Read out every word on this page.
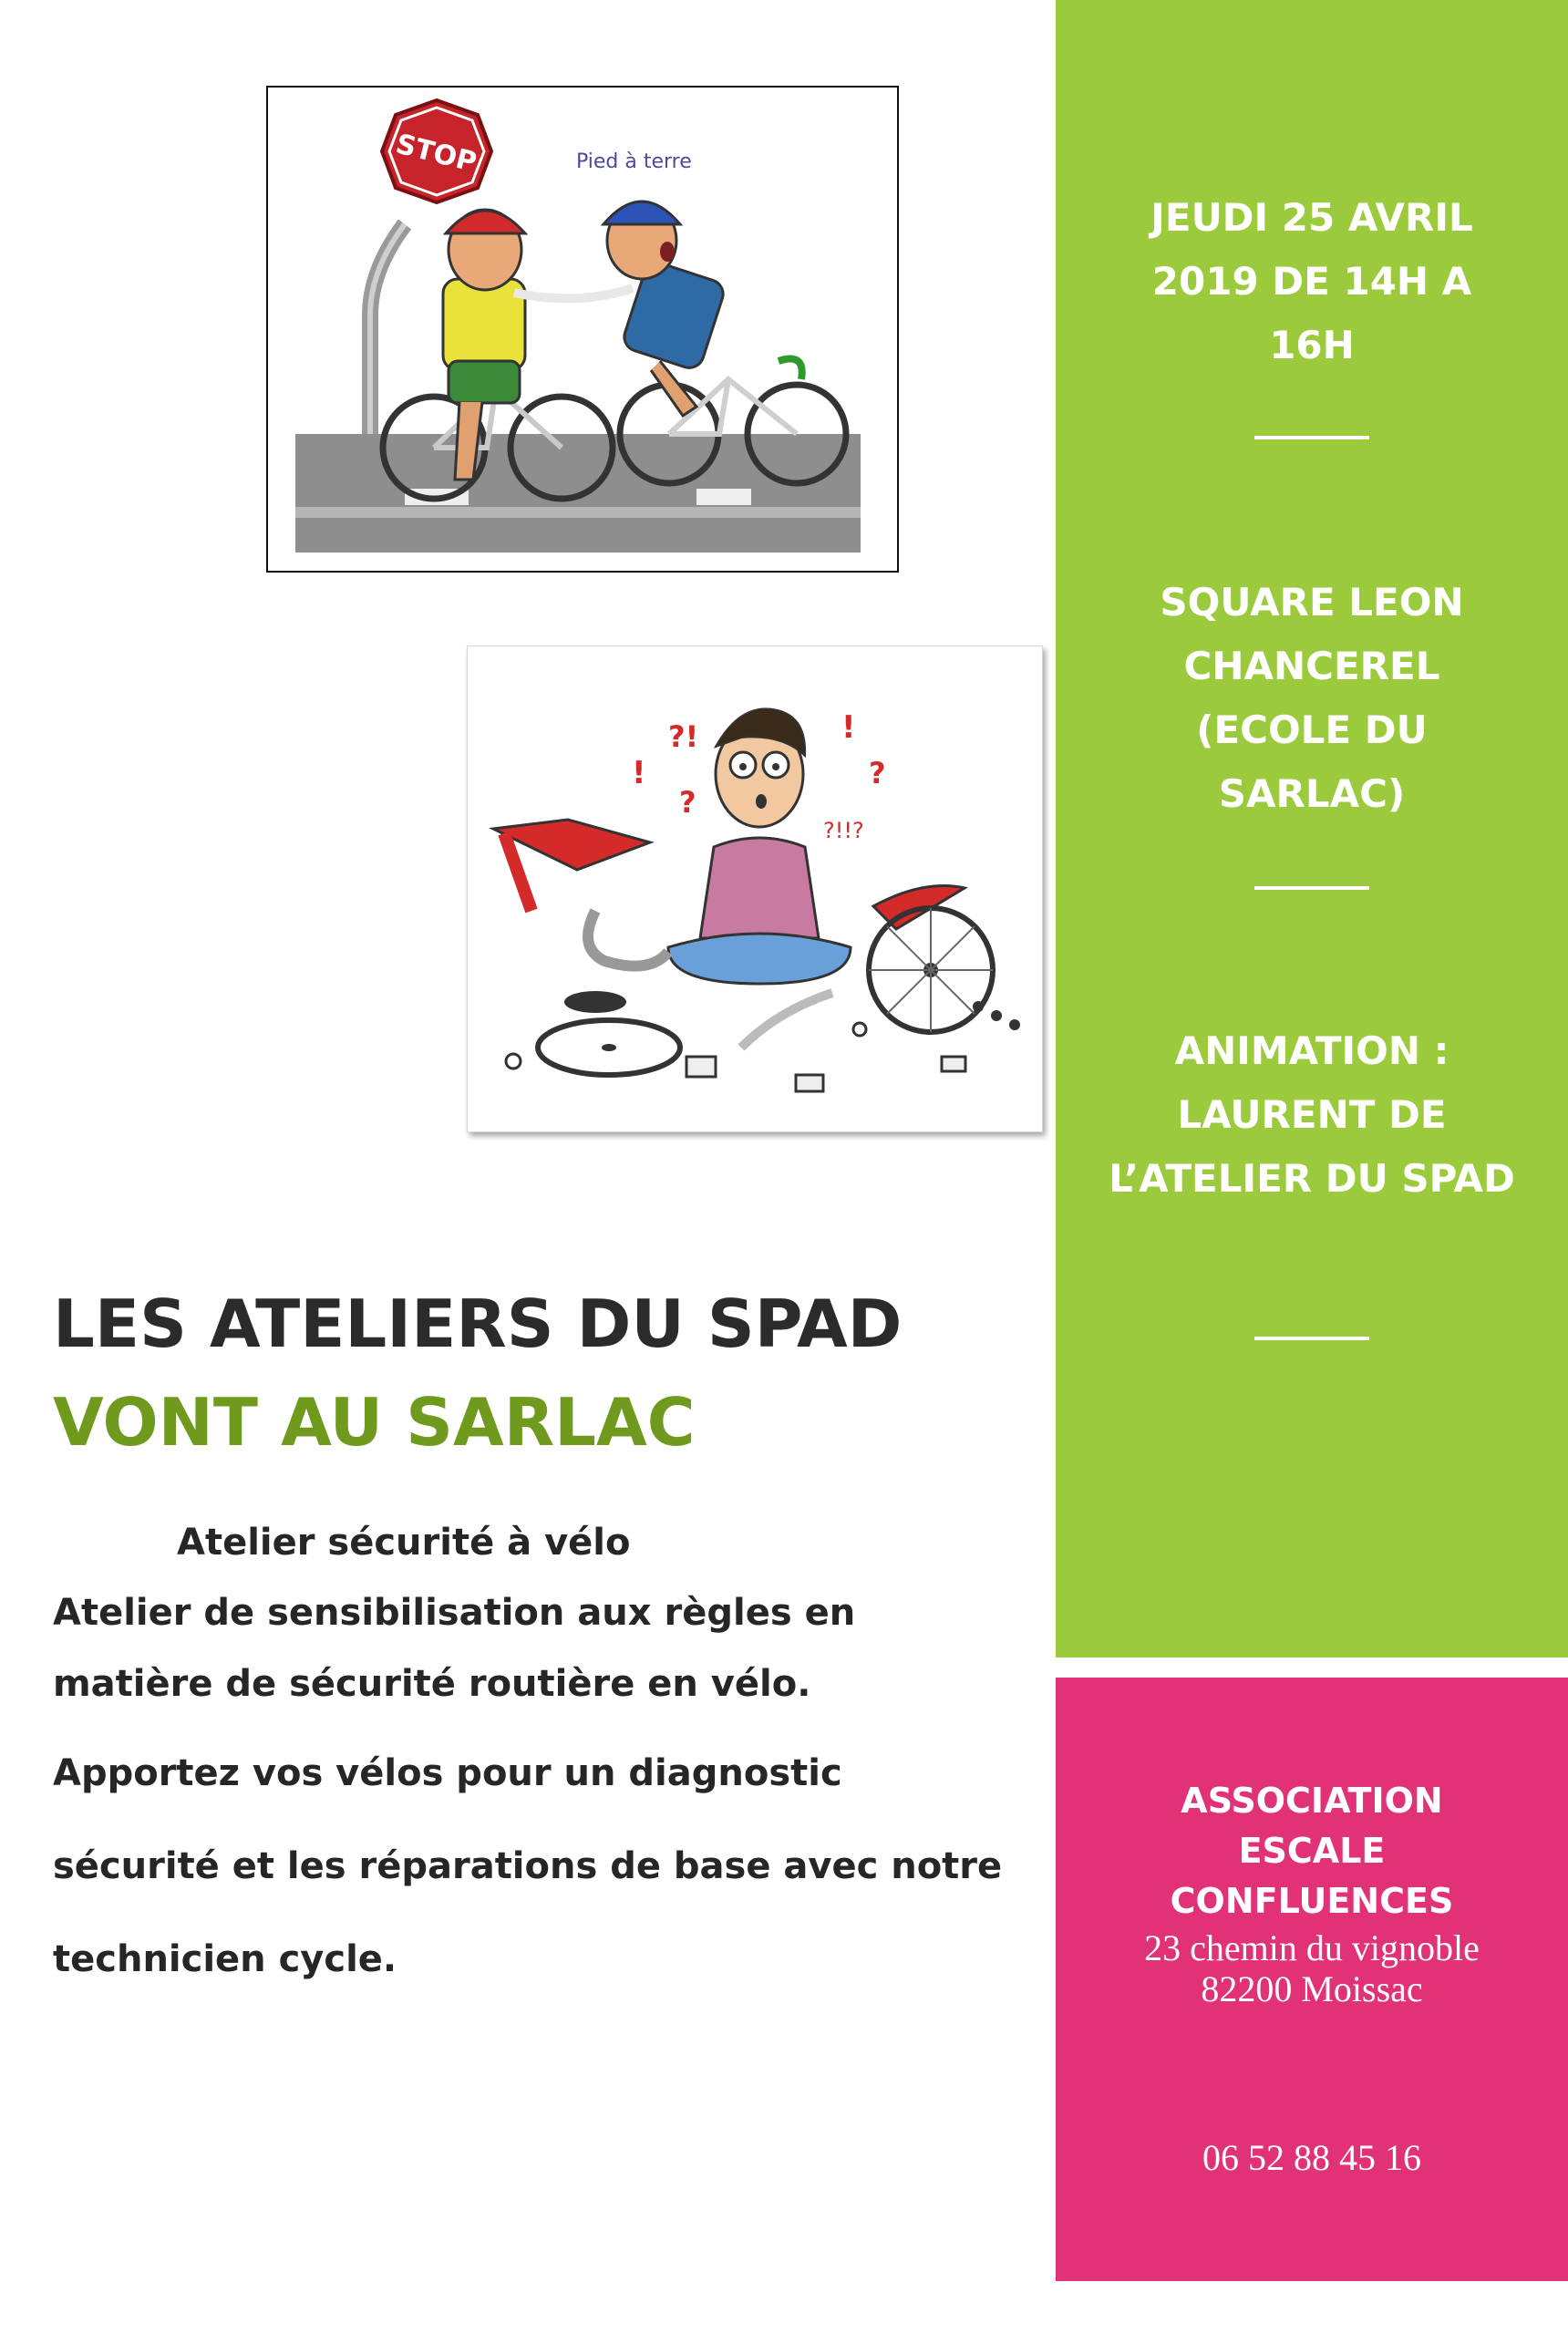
STOP	Pied à terre
!
?!
?
!
?
?!!?
LES ATELIERS DU SPAD
VONT AU SARLAC

Atelier sécurité à vélo

Atelier de sensibilisation aux règles en matière de sécurité routière en vélo.

Apportez vos vélos pour un diagnostic sécurité et les réparations de base avec notre technicien cycle.

JEUDI 25 AVRIL 2019 DE 14H A 16H
SQUARE LEON CHANCEREL (ECOLE DU SARLAC)
ANIMATION : LAURENT DE L’ATELIER DU SPAD
ASSOCIATION ESCALE CONFLUENCES
23 chemin du vignoble
82200 Moissac
06 52 88 45 16
